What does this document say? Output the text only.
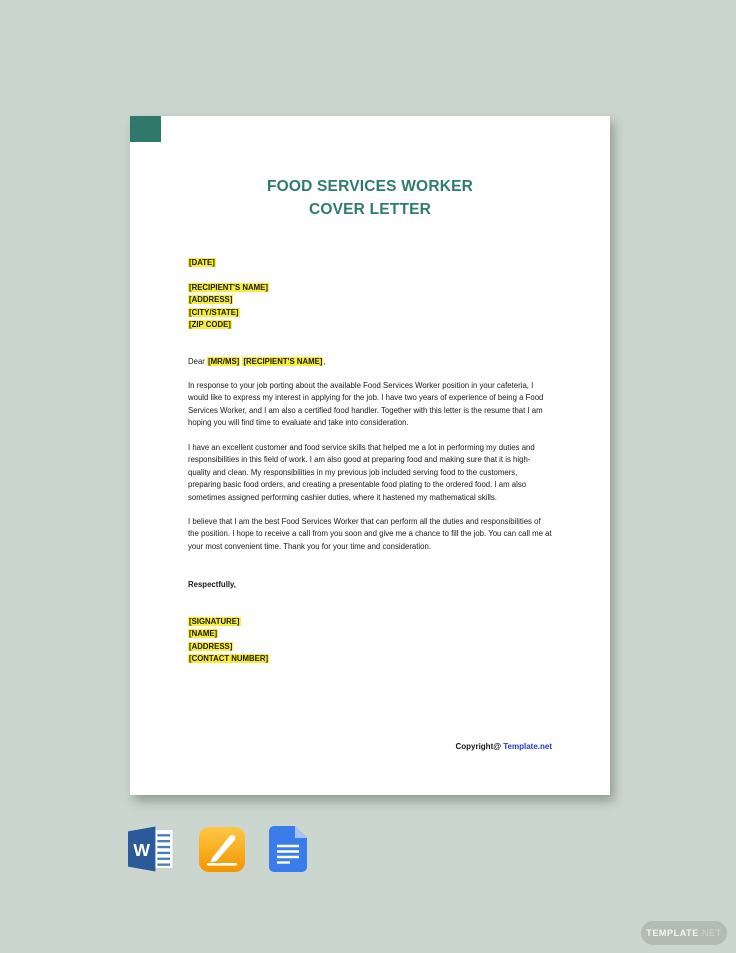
FOOD SERVICES WORKER
COVER LETTER
[DATE]
[RECIPIENT'S NAME]
[ADDRESS]
[CITY/STATE]
[ZIP CODE]
Dear [MR/MS] [RECIPIENT'S NAME],
In response to your job porting about the available Food Services Worker position in your cafeteria, I would like to express my interest in applying for the job. I have two years of experience of being a Food Services Worker, and I am also a certified food handler. Together with this letter is the resume that I am hoping you will find time to evaluate and take into consideration.
I have an excellent customer and food service skills that helped me a lot in performing my duties and responsibilities in this field of work. I am also good at preparing food and making sure that it is high-quality and clean. My responsibilities in my previous job included serving food to the customers, preparing basic food orders, and creating a presentable food plating to the ordered food. I am also sometimes assigned performing cashier duties, where it hastened my mathematical skills.
I believe that I am the best Food Services Worker that can perform all the duties and responsibilities of the position. I hope to receive a call from you soon and give me a chance to fill the job. You can call me at your most convenient time. Thank you for your time and consideration.
Respectfully,
[SIGNATURE]
[NAME]
[ADDRESS]
[CONTACT NUMBER]
Copyright@ Template.net
W
TEMPLATE .NET
